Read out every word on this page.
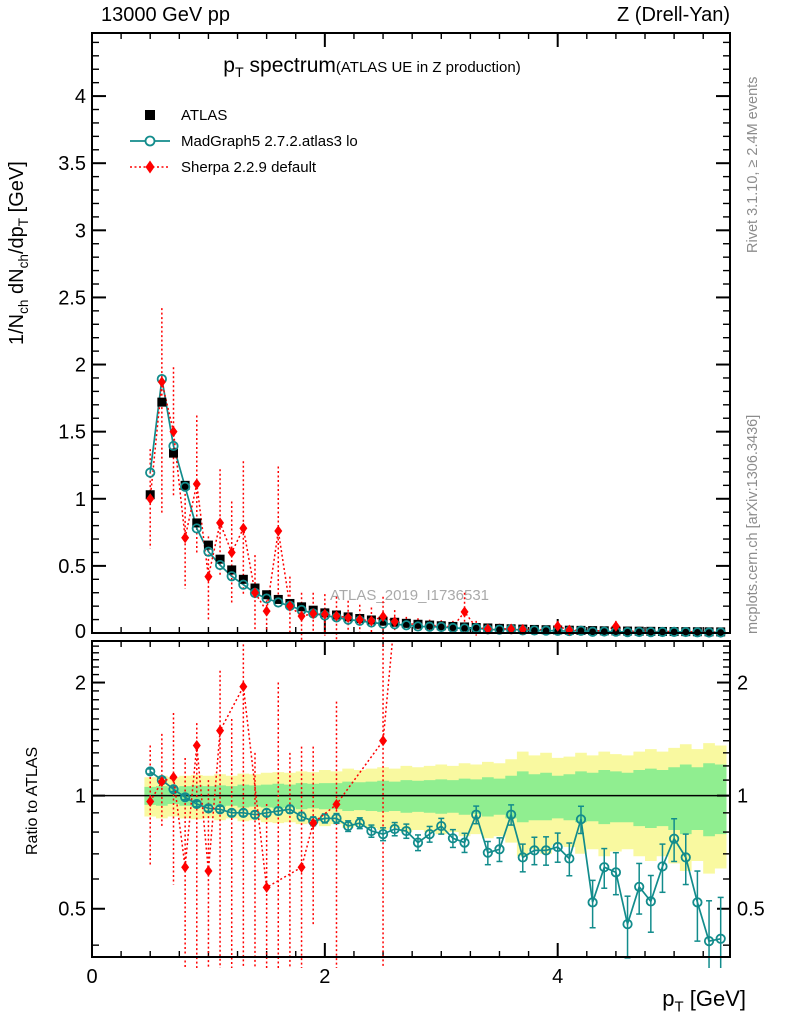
13000 GeV pp	Z (Drell-Yan)
$p_T$ spectrum(ATLAS UE in Z production)
ATLAS
MadGraph5 2.7.2.atlas3 lo
Sherpa 2.2.9 default
$1/N_{ch}$ $dN_{ch}/dp_T$ [GeV]
Ratio to ATLAS
Rivet 3.1.10, ≥ 2.4M events
mcplots.cern.ch [arXiv:1306.3436]
ATLAS_2019_I1736531
$p_T$ [GeV]
0	2	4
0.5
1
1.5
2
2.5
3
3.5
4
0
0.5	0.5
1	1
2	2
